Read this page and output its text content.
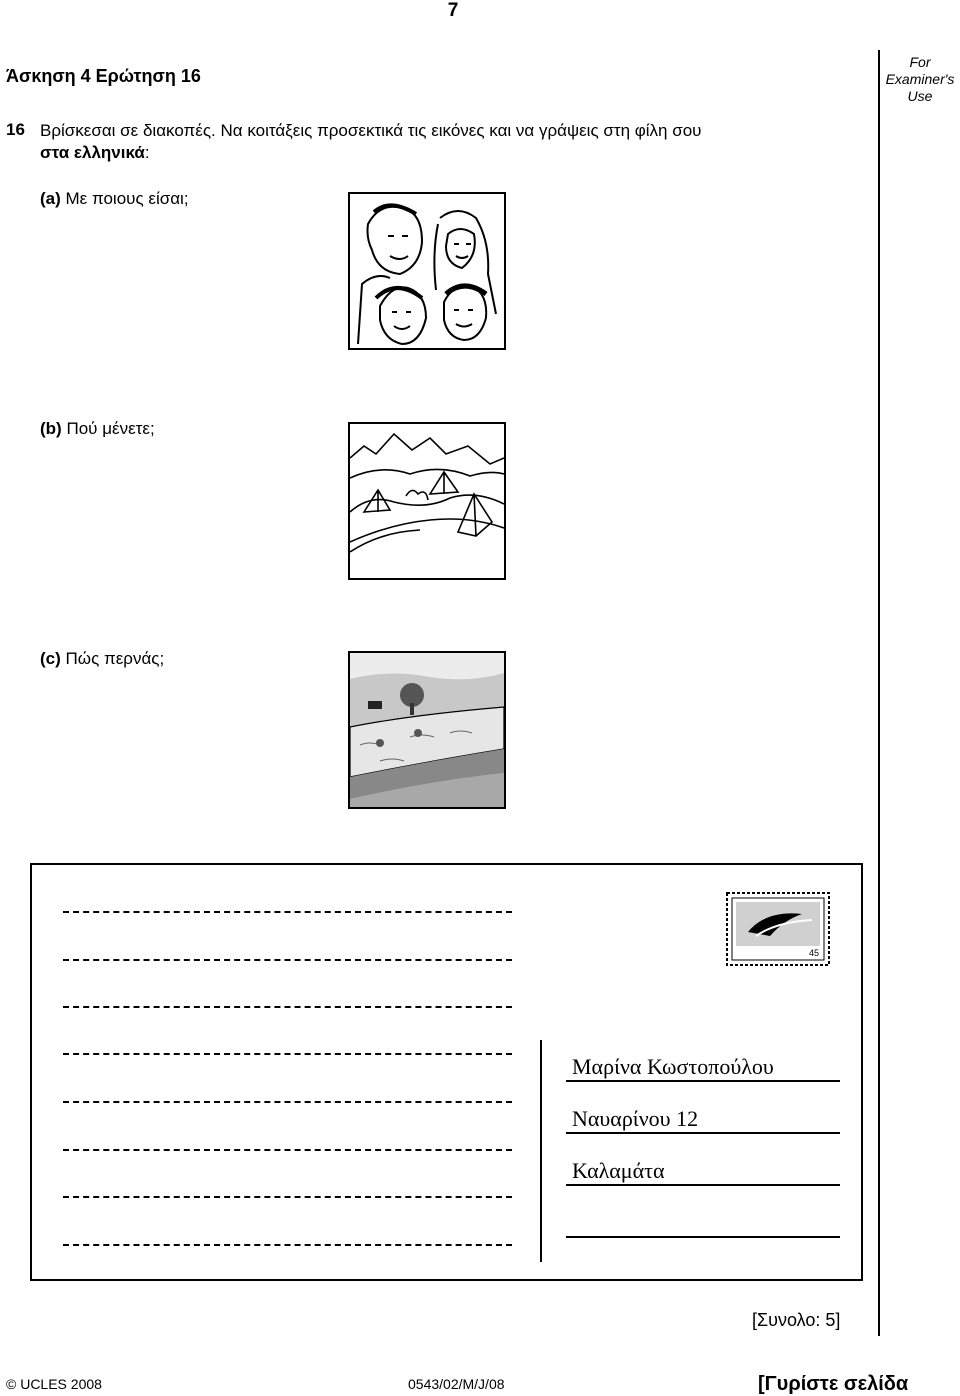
7
Άσκηση 4 Ερώτηση 16
For
Examiner's
Use
16 Βρίσκεσαι σε διακοπές. Να κοιτάξεις προσεκτικά τις εικόνες και να γράψεις στη φίλη σου
στα ελληνικά:
(a) Με ποιους είσαι;
(b) Πού μένετε;
(c) Πώς περνάς;
45
Μαρίνα Κωστοπούλου
Ναυαρίνου 12
Καλαμάτα
[Συνολο: 5]
© UCLES 2008	0543/02/M/J/08	[Γυρίστε σελίδα
